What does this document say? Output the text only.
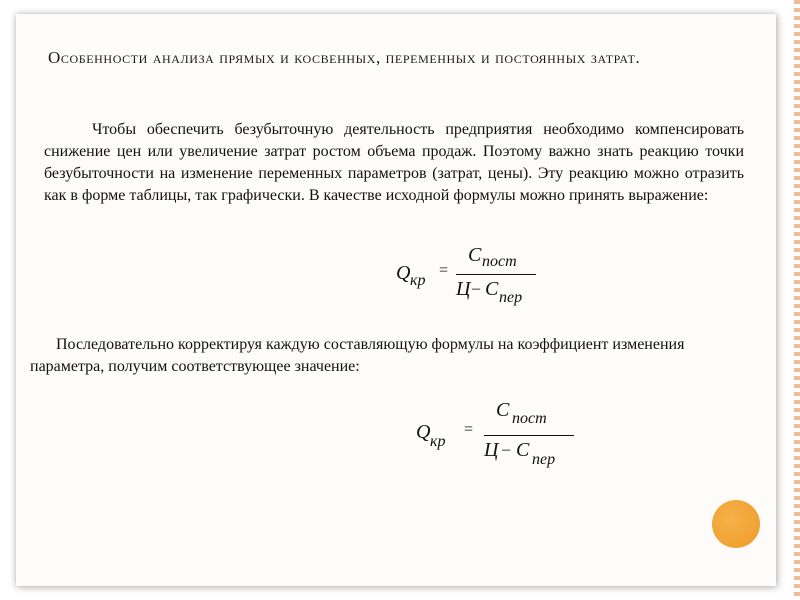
Особенности анализа прямых и косвенных, переменных и постоянных затрат.
Чтобы обеспечить безубыточную деятельность предприятия необходимо компенсировать снижение цен или увеличение затрат ростом объема продаж. Поэтому важно знать реакцию точки безубыточности на изменение переменных параметров (затрат, цены). Эту реакцию можно отразить как в форме таблицы, так графически. В качестве исходной формулы можно принять выражение:
Q кр
=
C пост
Ц – C пер
Последовательно корректируя каждую составляющую формулы на коэффициент изменения параметра, получим соответствующее значение:
Q кр
=
C пост
Ц – C пер
